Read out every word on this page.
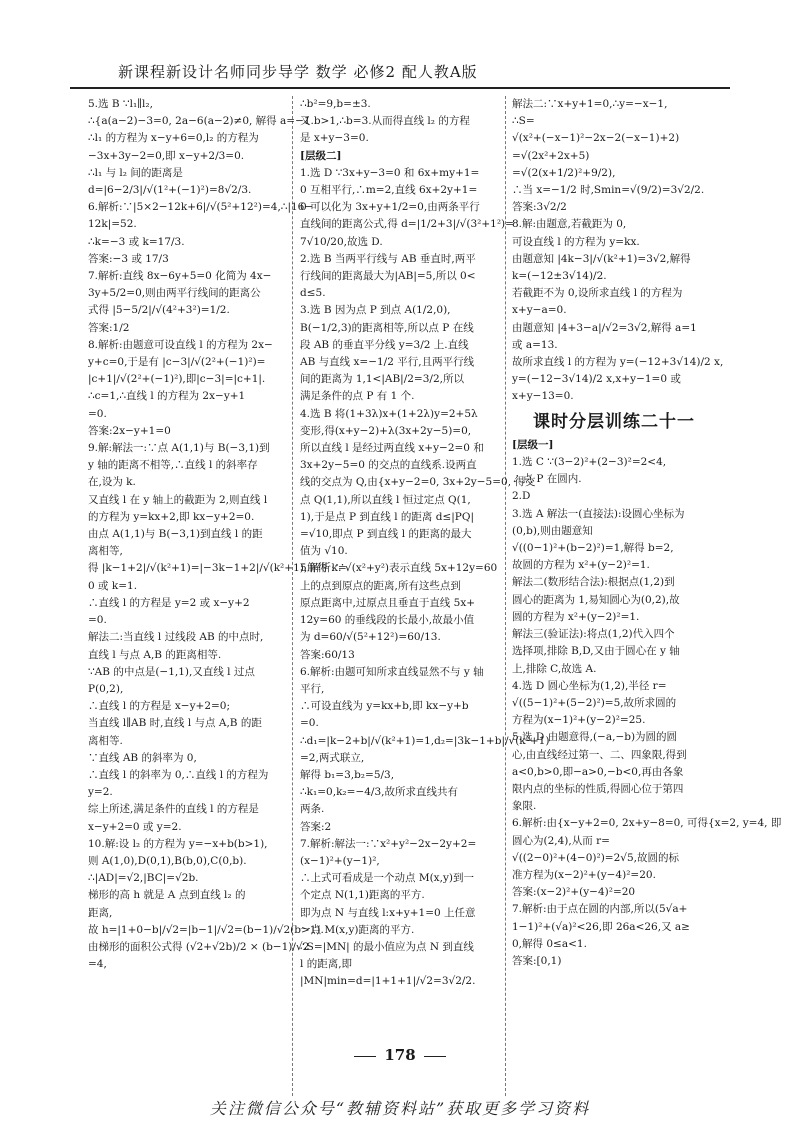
新课程新设计名师同步导学 数学 必修2 配人教A版
5.选 B ∵l₁∥l₂,
∴{a(a−2)−3=0, 2a−6(a−2)≠0, 解得 a=−1.
∴l₁ 的方程为 x−y+6=0,l₂ 的方程为
−3x+3y−2=0,即 x−y+2/3=0.
∴l₁ 与 l₂ 间的距离是
d=|6−2/3|/√(1²+(−1)²)=8√2/3.
6.解析:∵|5×2−12k+6|/√(5²+12²)=4,∴|16−
12k|=52.
∴k=−3 或 k=17/3.
答案:−3 或 17/3
7.解析:直线 8x−6y+5=0 化简为 4x−
3y+5/2=0,则由两平行线间的距离公
式得 |5−5/2|/√(4²+3²)=1/2.
答案:1/2
8.解析:由题意可设直线 l 的方程为 2x−
y+c=0,于是有 |c−3|/√(2²+(−1)²)=
|c+1|/√(2²+(−1)²),即|c−3|=|c+1|.
∴c=1,∴直线 l 的方程为 2x−y+1
=0.
答案:2x−y+1=0
9.解:解法一:∵点 A(1,1)与 B(−3,1)到
y 轴的距离不相等,∴直线 l 的斜率存
在,设为 k.
又直线 l 在 y 轴上的截距为 2,则直线 l
的方程为 y=kx+2,即 kx−y+2=0.
由点 A(1,1)与 B(−3,1)到直线 l 的距
离相等,
得 |k−1+2|/√(k²+1)=|−3k−1+2|/√(k²+1),解得 k=
0 或 k=1.
∴直线 l 的方程是 y=2 或 x−y+2
=0.
解法二:当直线 l 过线段 AB 的中点时,
直线 l 与点 A,B 的距离相等.
∵AB 的中点是(−1,1),又直线 l 过点
P(0,2),
∴直线 l 的方程是 x−y+2=0;
当直线 l∥AB 时,直线 l 与点 A,B 的距
离相等.
∵直线 AB 的斜率为 0,
∴直线 l 的斜率为 0,∴直线 l 的方程为
y=2.
综上所述,满足条件的直线 l 的方程是
x−y+2=0 或 y=2.
10.解:设 l₂ 的方程为 y=−x+b(b>1),
则 A(1,0),D(0,1),B(b,0),C(0,b).
∴|AD|=√2,|BC|=√2b.
梯形的高 h 就是 A 点到直线 l₂ 的
距离,
故 h=|1+0−b|/√2=|b−1|/√2=(b−1)/√2(b>1).
由梯形的面积公式得 (√2+√2b)/2 × (b−1)/√2
=4,
∴b²=9,b=±3.
又 b>1,∴b=3.从而得直线 l₂ 的方程
是 x+y−3=0.
[层级二]
1.选 D ∵3x+y−3=0 和 6x+my+1=
0 互相平行,∴m=2,直线 6x+2y+1=
0 可以化为 3x+y+1/2=0,由两条平行
直线间的距离公式,得 d=|1/2+3|/√(3²+1²)=
7√10/20,故选 D.
2.选 B 当两平行线与 AB 垂直时,两平
行线间的距离最大为|AB|=5,所以 0<
d≤5.
3.选 B 因为点 P 到点 A(1/2,0),
B(−1/2,3)的距离相等,所以点 P 在线
段 AB 的垂直平分线 y=3/2 上.直线
AB 与直线 x=−1/2 平行,且两平行线
间的距离为 1,1<|AB|/2=3/2,所以
满足条件的点 P 有 1 个.
4.选 B 将(1+3λ)x+(1+2λ)y=2+5λ
变形,得(x+y−2)+λ(3x+2y−5)=0,
所以直线 l 是经过两直线 x+y−2=0 和
3x+2y−5=0 的交点的直线系.设两直
线的交点为 Q,由{x+y−2=0, 3x+2y−5=0, 得交
点 Q(1,1),所以直线 l 恒过定点 Q(1,
1),于是点 P 到直线 l 的距离 d≤|PQ|
=√10,即点 P 到直线 l 的距离的最大
值为 √10.
5.解析:∵√(x²+y²)表示直线 5x+12y=60
上的点到原点的距离,所有这些点到
原点距离中,过原点且垂直于直线 5x+
12y=60 的垂线段的长最小,故最小值
为 d=60/√(5²+12²)=60/13.
答案:60/13
6.解析:由题可知所求直线显然不与 y 轴
平行,
∴可设直线为 y=kx+b,即 kx−y+b
=0.
∴d₁=|k−2+b|/√(k²+1)=1,d₂=|3k−1+b|/√(k²+1)
=2,两式联立,
解得 b₁=3,b₂=5/3,
∴k₁=0,k₂=−4/3,故所求直线共有
两条.
答案:2
7.解析:解法一:∵x²+y²−2x−2y+2=
(x−1)²+(y−1)²,
∴上式可看成是一个动点 M(x,y)到一
个定点 N(1,1)距离的平方.
即为点 N 与直线 l:x+y+1=0 上任意
一点 M(x,y)距离的平方.
∴S=|MN| 的最小值应为点 N 到直线
l 的距离,即
|MN|min=d=|1+1+1|/√2=3√2/2.
解法二:∵x+y+1=0,∴y=−x−1,
∴S=
√(x²+(−x−1)²−2x−2(−x−1)+2)
=√(2x²+2x+5)
=√(2(x+1/2)²+9/2),
∴当 x=−1/2 时,Smin=√(9/2)=3√2/2.
答案:3√2/2
8.解:由题意,若截距为 0,
可设直线 l 的方程为 y=kx.
由题意知 |4k−3|/√(k²+1)=3√2,解得
k=(−12±3√14)/2.
若截距不为 0,设所求直线 l 的方程为
x+y−a=0.
由题意知 |4+3−a|/√2=3√2,解得 a=1
或 a=13.
故所求直线 l 的方程为 y=(−12+3√14)/2 x,
y=(−12−3√14)/2 x,x+y−1=0 或
x+y−13=0.
课时分层训练二十一
[层级一]
1.选 C ∵(3−2)²+(2−3)²=2<4,
∴点 P 在圆内.
2.D
3.选 A 解法一(直接法):设圆心坐标为
(0,b),则由题意知
√((0−1)²+(b−2)²)=1,解得 b=2,
故圆的方程为 x²+(y−2)²=1.
解法二(数形结合法):根据点(1,2)到
圆心的距离为 1,易知圆心为(0,2),故
圆的方程为 x²+(y−2)²=1.
解法三(验证法):将点(1,2)代入四个
选择项,排除 B,D,又由于圆心在 y 轴
上,排除 C,故选 A.
4.选 D 圆心坐标为(1,2),半径 r=
√((5−1)²+(5−2)²)=5,故所求圆的
方程为(x−1)²+(y−2)²=25.
5.选 D 由题意得,(−a,−b)为圆的圆
心,由直线经过第一、二、四象限,得到
a<0,b>0,即−a>0,−b<0,再由各象
限内点的坐标的性质,得圆心位于第四
象限.
6.解析:由{x−y+2=0, 2x+y−8=0, 可得{x=2, y=4, 即
圆心为(2,4),从而 r=
√((2−0)²+(4−0)²)=2√5,故圆的标
准方程为(x−2)²+(y−4)²=20.
答案:(x−2)²+(y−4)²=20
7.解析:由于点在圆的内部,所以(5√a+
1−1)²+(√a)²<26,即 26a<26,又 a≥
0,解得 0≤a<1.
答案:[0,1)
178
关注微信公众号“教辅资料站”获取更多学习资料
